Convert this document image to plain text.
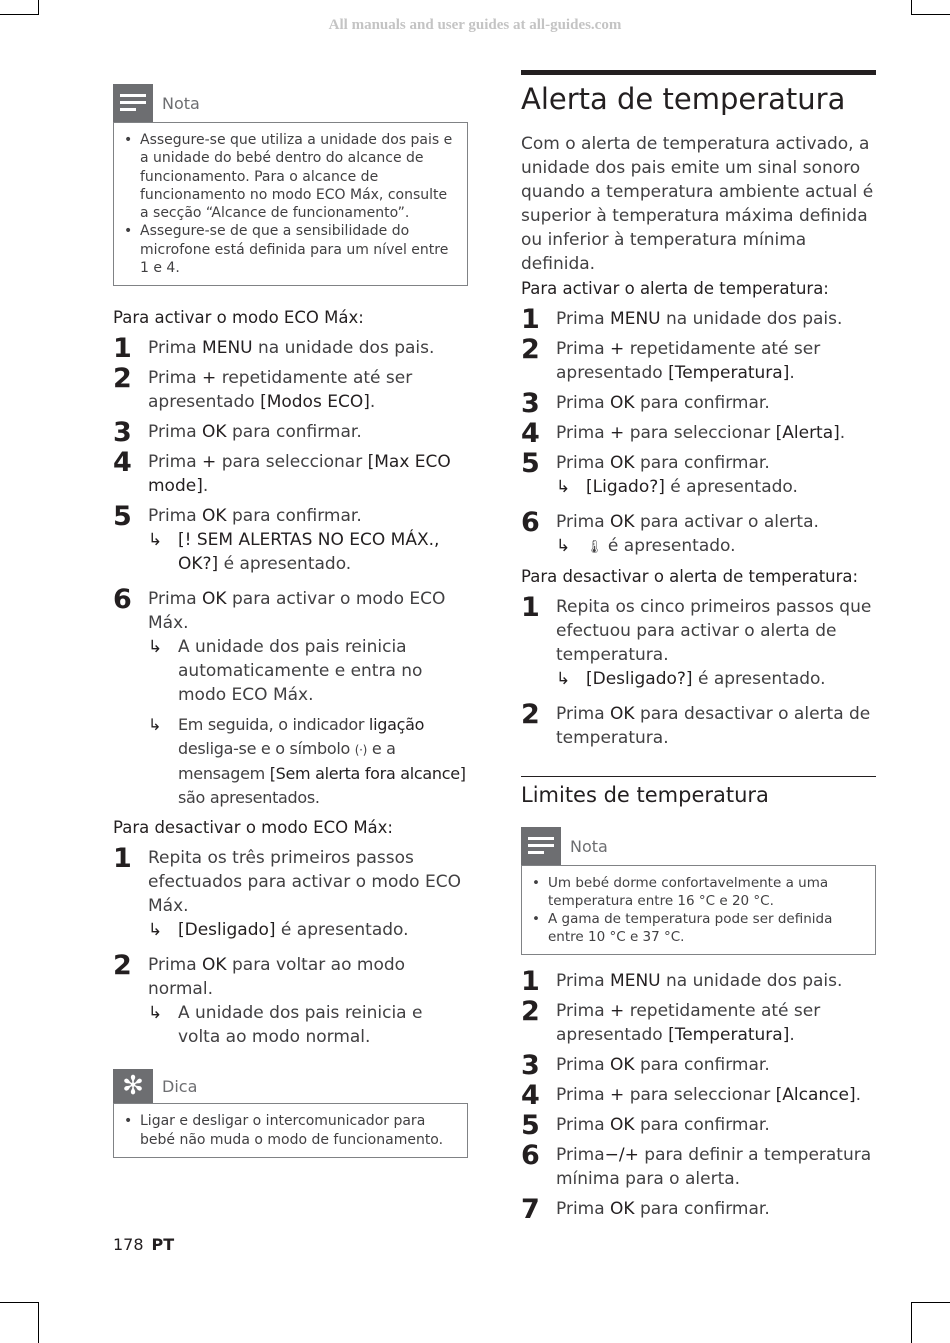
All manuals and user guides at all-guides.com
Nota
• Assegure-se que utiliza a unidade dos pais e a unidade do bebé dentro do alcance de funcionamento. Para o alcance de funcionamento no modo ECO Máx, consulte a secção “Alcance de funcionamento”.
• Assegure-se de que a sensibilidade do microfone está definida para um nível entre 1 e 4.

Para activar o modo ECO Máx:

1 Prima MENU na unidade dos pais.
2 Prima + repetidamente até ser apresentado [Modos ECO].
3 Prima OK para confirmar.
4 Prima + para seleccionar [Max ECO mode].
5 Prima OK para confirmar.
↳ [! SEM ALERTAS NO ECO MÁX., OK?] é apresentado.
6 Prima OK para activar o modo ECO Máx.
↳ A unidade dos pais reinicia automaticamente e entra no modo ECO Máx.
↳ Em seguida, o indicador ligação desliga-se e o símbolo (·) e a mensagem [Sem alerta fora alcance] são apresentados.

Para desactivar o modo ECO Máx:

1 Repita os três primeiros passos efectuados para activar o modo ECO Máx.
↳ [Desligado] é apresentado.
2 Prima OK para voltar ao modo normal.
↳ A unidade dos pais reinicia e volta ao modo normal.
✻	Dica
• Ligar e desligar o intercomunicador para bebé não muda o modo de funcionamento.
Alerta de temperatura

Com o alerta de temperatura activado, a unidade dos pais emite um sinal sonoro quando a temperatura ambiente actual é superior à temperatura máxima definida ou inferior à temperatura mínima definida.

Para activar o alerta de temperatura:

1 Prima MENU na unidade dos pais.
2 Prima + repetidamente até ser apresentado [Temperatura].
3 Prima OK para confirmar.
4 Prima + para seleccionar [Alerta].
5 Prima OK para confirmar.
↳ [Ligado?] é apresentado.
6 Prima OK para activar o alerta.
↳ 🌡 é apresentado.

Para desactivar o alerta de temperatura:

1 Repita os cinco primeiros passos que efectuou para activar o alerta de temperatura.
↳ [Desligado?] é apresentado.
2 Prima OK para desactivar o alerta de temperatura.
Limites de temperatura
Nota
• Um bebé dorme confortavelmente a uma temperatura entre 16 °C e 20 °C.
• A gama de temperatura pode ser definida entre 10 °C e 37 °C.
1 Prima MENU na unidade dos pais.
2 Prima + repetidamente até ser apresentado [Temperatura].
3 Prima OK para confirmar.
4 Prima + para seleccionar [Alcance].
5 Prima OK para confirmar.
6 Prima−/+ para definir a temperatura mínima para o alerta.
7 Prima OK para confirmar.
178 PT
